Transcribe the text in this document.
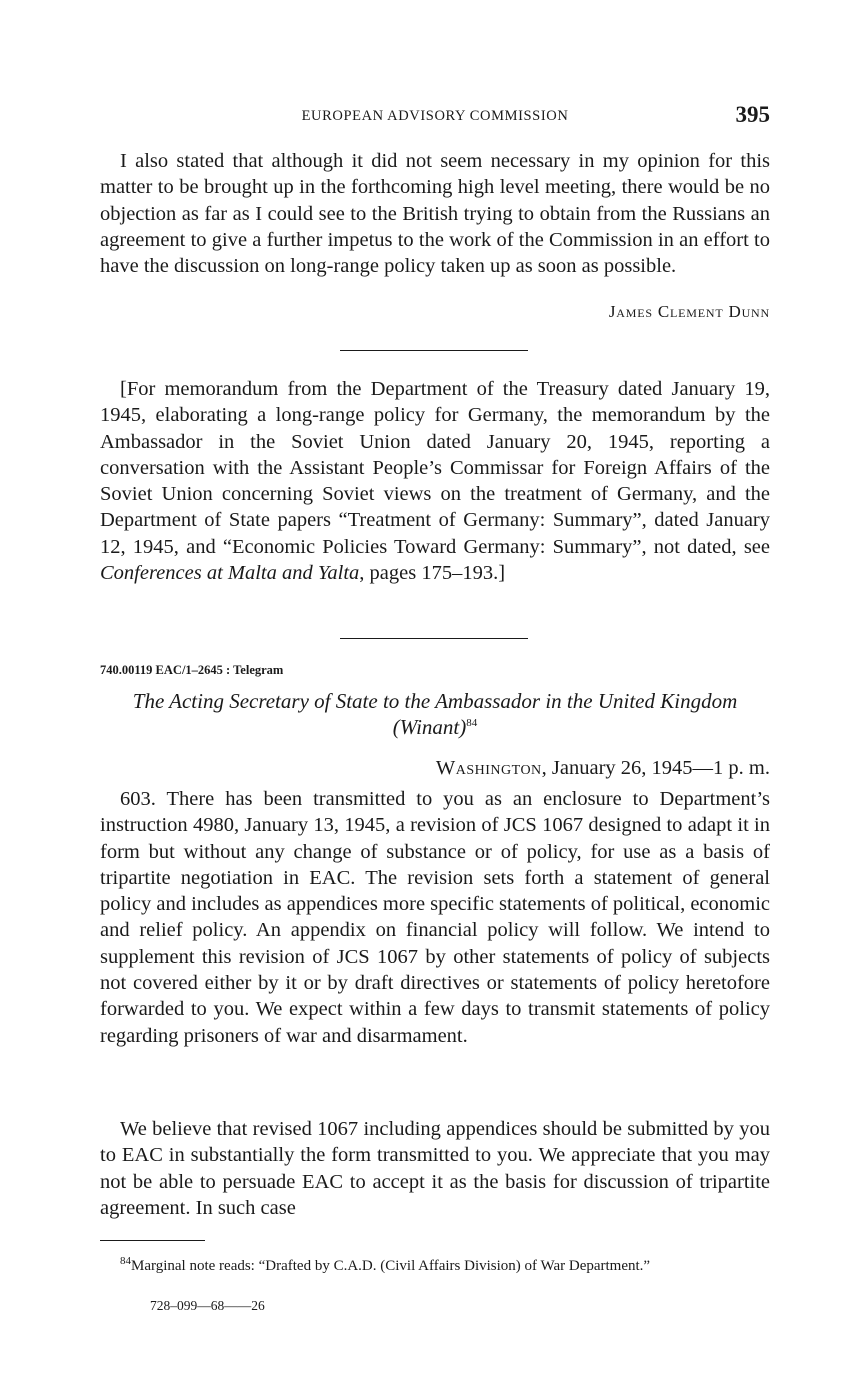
EUROPEAN ADVISORY COMMISSION	395

I also stated that although it did not seem necessary in my opinion for this matter to be brought up in the forthcoming high level meeting, there would be no objection as far as I could see to the British trying to obtain from the Russians an agreement to give a further impetus to the work of the Commission in an effort to have the discussion on long-range policy taken up as soon as possible.

James Clement Dunn

[For memorandum from the Department of the Treasury dated January 19, 1945, elaborating a long-range policy for Germany, the memorandum by the Ambassador in the Soviet Union dated January 20, 1945, reporting a conversation with the Assistant People’s Commissar for Foreign Affairs of the Soviet Union concerning Soviet views on the treatment of Germany, and the Department of State papers “Treatment of Germany: Summary”, dated January 12, 1945, and “Economic Policies Toward Germany: Summary”, not dated, see Conferences at Malta and Yalta, pages 175–193.]

740.00119 EAC/1–2645 : Telegram
The Acting Secretary of State to the Ambassador in the United Kingdom (Winant)$^{84}$
Washington, January 26, 1945—1 p. m.

603. There has been transmitted to you as an enclosure to Department’s instruction 4980, January 13, 1945, a revision of JCS 1067 designed to adapt it in form but without any change of substance or of policy, for use as a basis of tripartite negotiation in EAC. The revision sets forth a statement of general policy and includes as appendices more specific statements of political, economic and relief policy. An appendix on financial policy will follow. We intend to supplement this revision of JCS 1067 by other statements of policy of subjects not covered either by it or by draft directives or statements of policy heretofore forwarded to you. We expect within a few days to transmit statements of policy regarding prisoners of war and disarmament.

We believe that revised 1067 including appendices should be submitted by you to EAC in substantially the form transmitted to you. We appreciate that you may not be able to persuade EAC to accept it as the basis for discussion of tripartite agreement. In such case

$^{84}$Marginal note reads: “Drafted by C.A.D. (Civil Affairs Division) of War Department.”
728–099—68——26
